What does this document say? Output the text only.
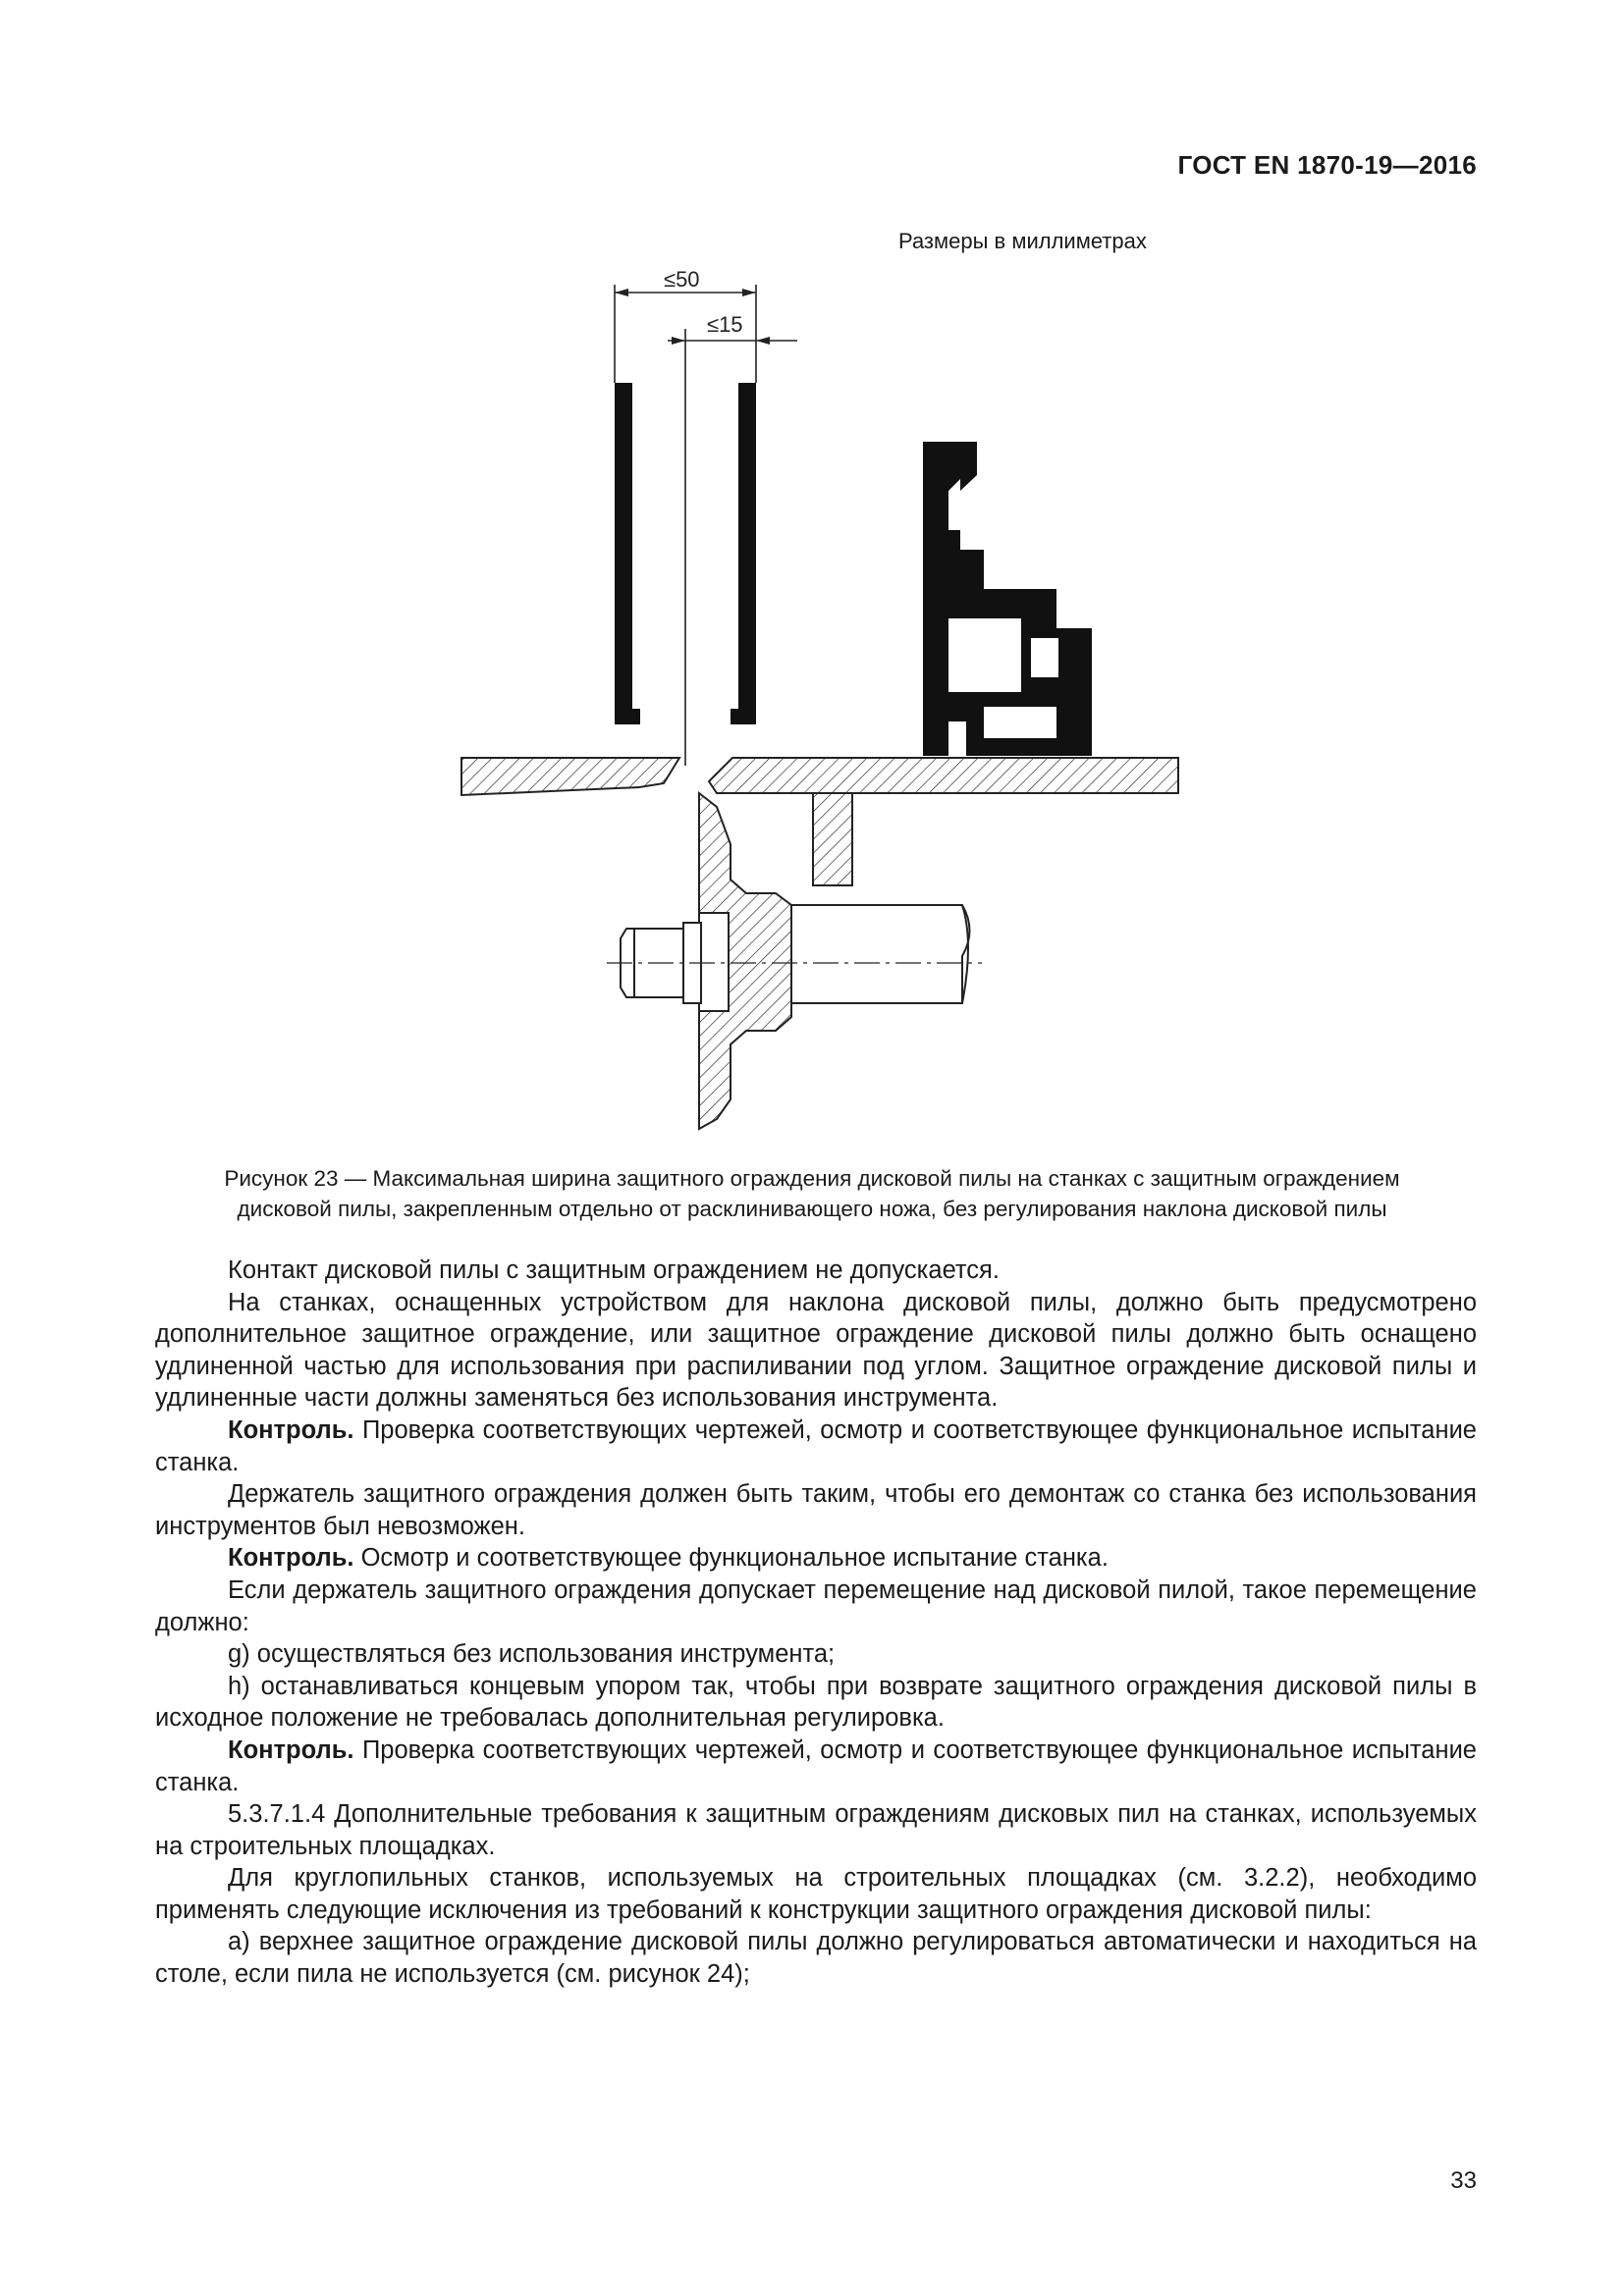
ГОСТ EN 1870-19—2016
Размеры в миллиметрах
≤50
≤15
Рисунок 23 — Максимальная ширина защитного ограждения дисковой пилы на станках с защитным ограждением
дисковой пилы, закрепленным отдельно от расклинивающего ножа, без регулирования наклона дисковой пилы

Контакт дисковой пилы с защитным ограждением не допускается.

На станках, оснащенных устройством для наклона дисковой пилы, должно быть предусмотрено дополнительное защитное ограждение, или защитное ограждение дисковой пилы должно быть оснащено удлиненной частью для использования при распиливании под углом. Защитное ограждение дисковой пилы и удлиненные части должны заменяться без использования инструмента.

Контроль. Проверка соответствующих чертежей, осмотр и соответствующее функциональное испытание станка.

Держатель защитного ограждения должен быть таким, чтобы его демонтаж со станка без использования инструментов был невозможен.

Контроль. Осмотр и соответствующее функциональное испытание станка.

Если держатель защитного ограждения допускает перемещение над дисковой пилой, такое перемещение должно:

g) осуществляться без использования инструмента;

h) останавливаться концевым упором так, чтобы при возврате защитного ограждения дисковой пилы в исходное положение не требовалась дополнительная регулировка.

Контроль. Проверка соответствующих чертежей, осмотр и соответствующее функциональное испытание станка.

5.3.7.1.4 Дополнительные требования к защитным ограждениям дисковых пил на станках, используемых на строительных площадках.

Для круглопильных станков, используемых на строительных площадках (см. 3.2.2), необходимо применять следующие исключения из требований к конструкции защитного ограждения дисковой пилы:

а) верхнее защитное ограждение дисковой пилы должно регулироваться автоматически и находиться на столе, если пила не используется (см. рисунок 24);

33
